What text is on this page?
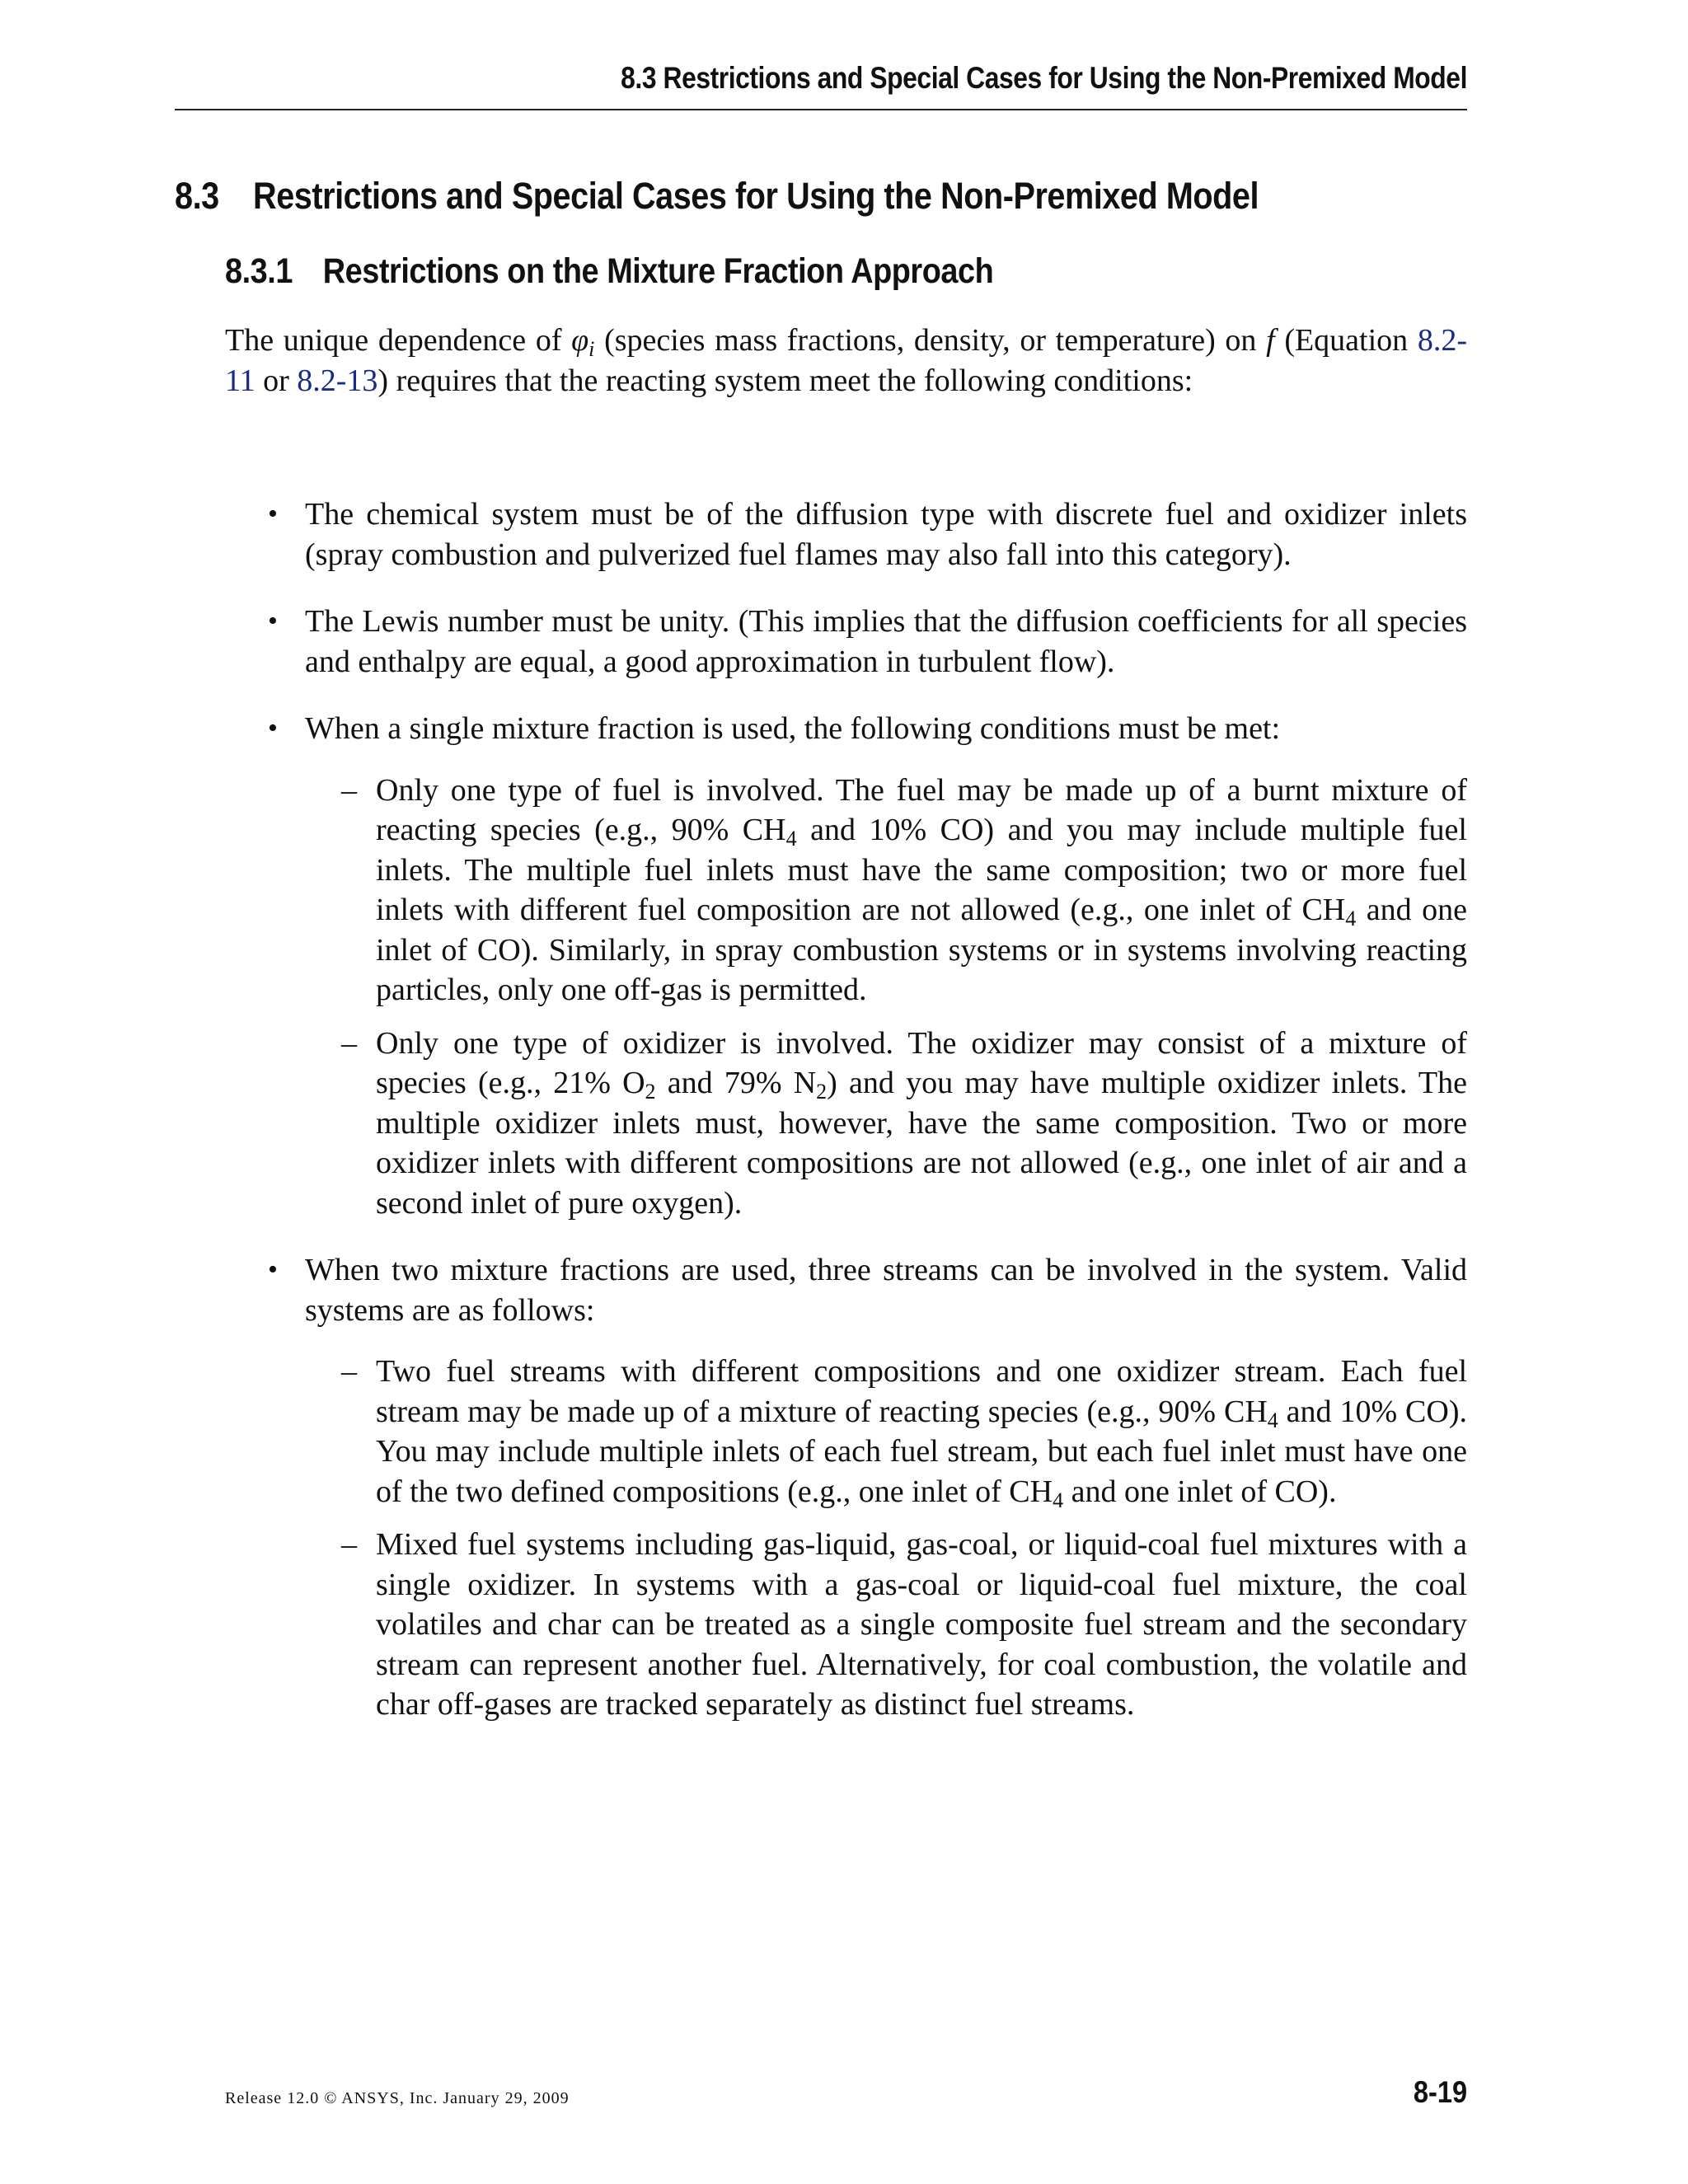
8.3 Restrictions and Special Cases for Using the Non-Premixed Model
8.3 Restrictions and Special Cases for Using the Non-Premixed Model
8.3.1 Restrictions on the Mixture Fraction Approach

The unique dependence of $\varphi_i$ (species mass fractions, density, or temperature) on f (Equation 8.2-11 or 8.2-13) requires that the reacting system meet the following conditions:

• The chemical system must be of the diffusion type with discrete fuel and oxidizer inlets (spray combustion and pulverized fuel flames may also fall into this category).
• The Lewis number must be unity. (This implies that the diffusion coefficients for all species and enthalpy are equal, a good approximation in turbulent flow).
• When a single mixture fraction is used, the following conditions must be met:
– Only one type of fuel is involved. The fuel may be made up of a burnt mixture of reacting species (e.g., 90% $CH_4$ and 10% CO) and you may include multiple fuel inlets. The multiple fuel inlets must have the same composition; two or more fuel inlets with different fuel composition are not allowed (e.g., one inlet of $CH_4$ and one inlet of CO). Similarly, in spray combustion systems or in systems involving reacting particles, only one off-gas is permitted.
– Only one type of oxidizer is involved. The oxidizer may consist of a mixture of species (e.g., 21% $O_2$ and 79% $N_2$) and you may have multiple oxidizer inlets. The multiple oxidizer inlets must, however, have the same composition. Two or more oxidizer inlets with different compositions are not allowed (e.g., one inlet of air and a second inlet of pure oxygen).
• When two mixture fractions are used, three streams can be involved in the system. Valid systems are as follows:
– Two fuel streams with different compositions and one oxidizer stream. Each fuel stream may be made up of a mixture of reacting species (e.g., 90% $CH_4$ and 10% CO). You may include multiple inlets of each fuel stream, but each fuel inlet must have one of the two defined compositions (e.g., one inlet of $CH_4$ and one inlet of CO).
– Mixed fuel systems including gas-liquid, gas-coal, or liquid-coal fuel mixtures with a single oxidizer. In systems with a gas-coal or liquid-coal fuel mixture, the coal volatiles and char can be treated as a single composite fuel stream and the secondary stream can represent another fuel. Alternatively, for coal combustion, the volatile and char off-gases are tracked separately as distinct fuel streams.
Release 12.0 © ANSYS, Inc. January 29, 2009	8-19
